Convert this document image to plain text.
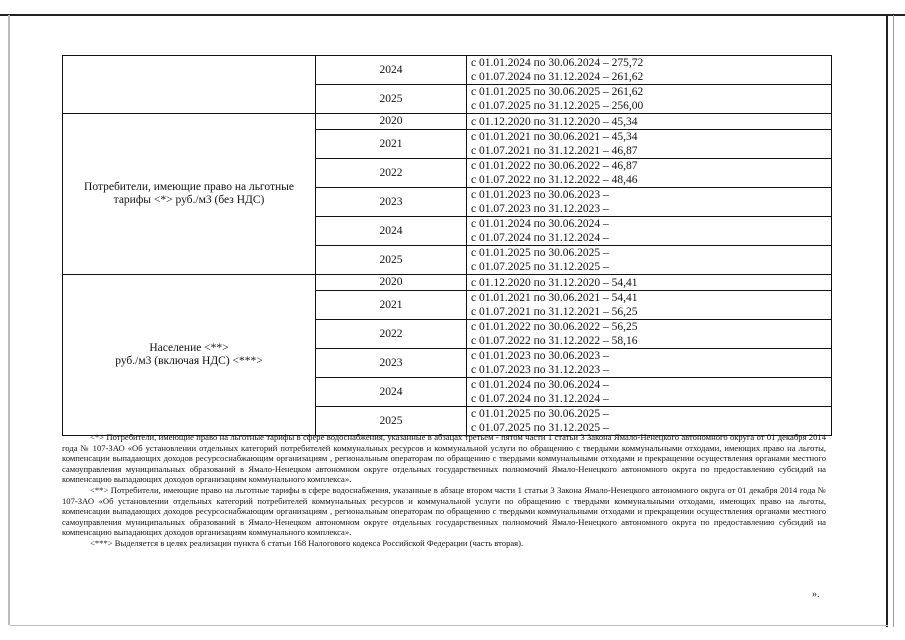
	2024	с 01.01.2024 по 30.06.2024 – 275,72
с 01.07.2024 по 31.12.2024 – 261,62

	2025	с 01.01.2025 по 30.06.2025 – 261,62
с 01.07.2025 по 31.12.2025 – 256,00

Потребители, имеющие право на льготные тарифы <*> руб./м3 (без НДС)	2020	с 01.12.2020 по 31.12.2020 – 45,34

	2021	с 01.01.2021 по 30.06.2021 – 45,34
с 01.07.2021 по 31.12.2021 – 46,87

	2022	с 01.01.2022 по 30.06.2022 – 46,87
с 01.07.2022 по 31.12.2022 – 48,46

	2023	с 01.01.2023 по 30.06.2023 –
с 01.07.2023 по 31.12.2023 –

	2024	с 01.01.2024 по 30.06.2024 –
с 01.07.2024 по 31.12.2024 –

	2025	с 01.01.2025 по 30.06.2025 –
с 01.07.2025 по 31.12.2025 –

Население <**>
руб./м3 (включая НДС) <***>	2020	с 01.12.2020 по 31.12.2020 – 54,41

	2021	с 01.01.2021 по 30.06.2021 – 54,41
с 01.07.2021 по 31.12.2021 – 56,25

	2022	с 01.01.2022 по 30.06.2022 – 56,25
с 01.07.2022 по 31.12.2022 – 58,16

	2023	с 01.01.2023 по 30.06.2023 –
с 01.07.2023 по 31.12.2023 –

	2024	с 01.01.2024 по 30.06.2024 –
с 01.07.2024 по 31.12.2024 –

	2025	с 01.01.2025 по 30.06.2025 –
с 01.07.2025 по 31.12.2025 –

<*> Потребители, имеющие право на льготные тарифы в сфере водоснабжения, указанные в абзацах третьем - пятом части 1 статьи 3 Закона Ямало-Ненецкого автономного округа от 01 декабря 2014 года № 107-ЗАО «Об установлении отдельных категорий потребителей коммунальных ресурсов и коммунальной услуги по обращению с твердыми коммунальными отходами, имеющих право на льготы, компенсации выпадающих доходов ресурсоснабжающим организациям , региональным операторам по обращению с твердыми коммунальными отходами и прекращении осуществления органами местного самоуправления муниципальных образований в Ямало-Ненецком автономном округе отдельных государственных полномочий Ямало-Ненецкого автономного округа по предоставлению субсидий на компенсацию выпадающих доходов организациям коммунального комплекса».

<**> Потребители, имеющие право на льготные тарифы в сфере водоснабжения, указанные в абзаце втором части 1 статьи 3 Закона Ямало-Ненецкого автономного округа от 01 декабря 2014 года № 107-ЗАО «Об установлении отдельных категорий потребителей коммунальных ресурсов и коммунальной услуги по обращению с твердыми коммунальными отходами, имеющих право на льготы, компенсации выпадающих доходов ресурсоснабжающим организациям , региональным операторам по обращению с твердыми коммунальными отходами и прекращении осуществления органами местного самоуправления муниципальных образований в Ямало-Ненецком автономном округе отдельных государственных полномочий Ямало-Ненецкого автономного округа по предоставлению субсидий на компенсацию выпадающих доходов организациям коммунального комплекса».

<***> Выделяется в целях реализации пункта 6 статьи 168 Налогового кодекса Российской Федерации (часть вторая).

».
